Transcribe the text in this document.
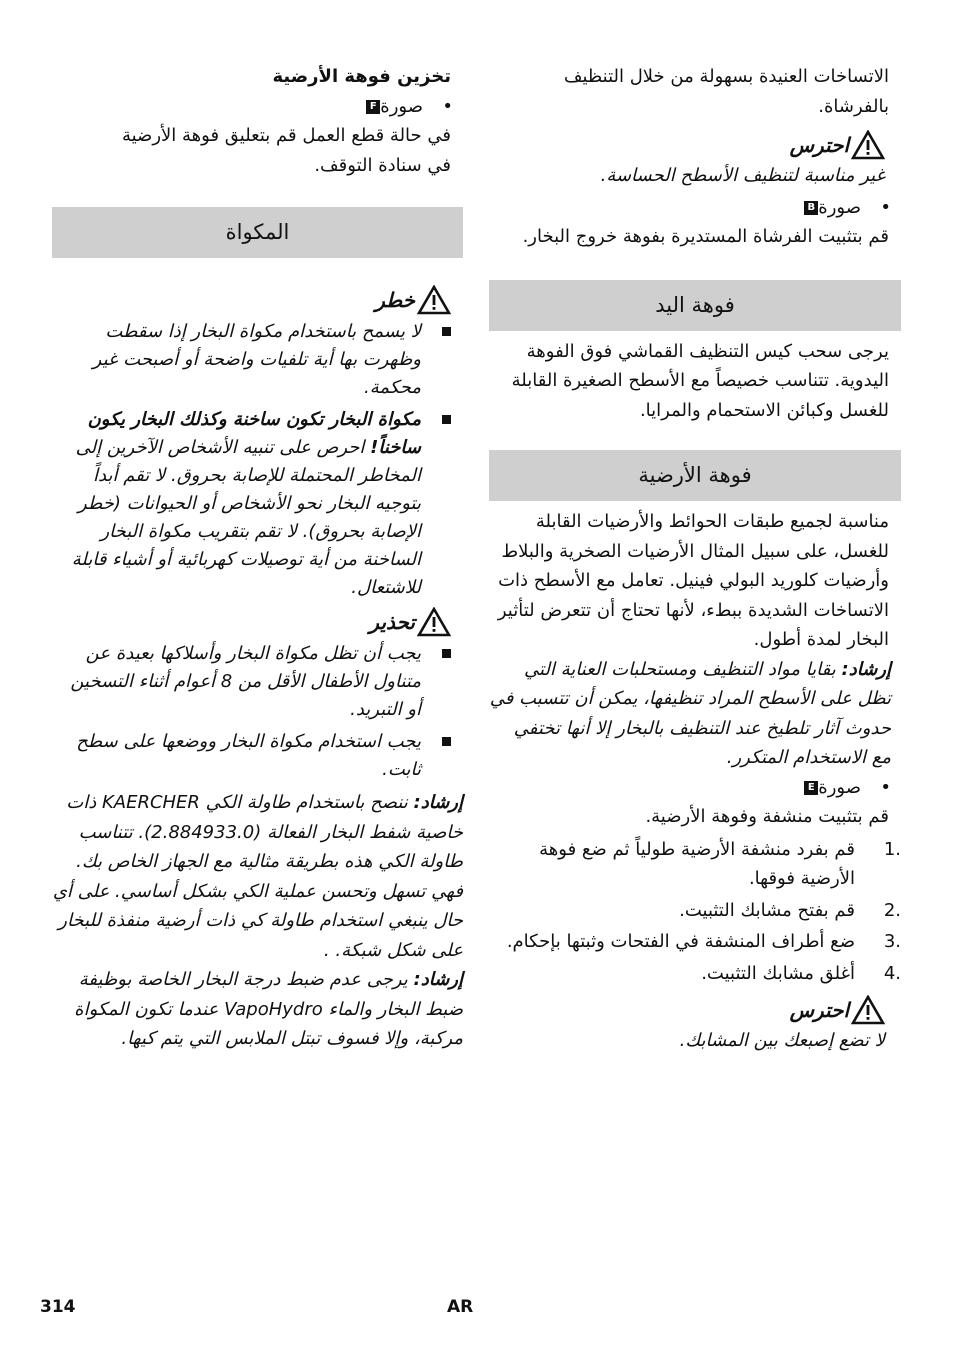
الاتساخات العنيدة بسهولة من خلال التنظيف بالفرشاة.

احترس

غير مناسبة لتنظيف الأسطح الحساسة.

•
صورةB

قم بتثبيت الفرشاة المستديرة بفوهة خروج البخار.

فوهة اليد

يرجى سحب كيس التنظيف القماشي فوق الفوهة اليدوية. تتناسب خصيصاً مع الأسطح الصغيرة القابلة للغسل وكبائن الاستحمام والمرايا.

فوهة الأرضية

مناسبة لجميع طبقات الحوائط والأرضيات القابلة للغسل، على سبيل المثال الأرضيات الصخرية والبلاط وأرضيات كلوريد البولي فينيل. تعامل مع الأسطح ذات الاتساخات الشديدة ببطء، لأنها تحتاج أن تتعرض لتأثير البخار لمدة أطول.

إرشاد: بقايا مواد التنظيف ومستحلبات العناية التي تظل على الأسطح المراد تنظيفها، يمكن أن تتسبب في حدوث آثار تلطيخ عند التنظيف بالبخار إلا أنها تختفي مع الاستخدام المتكرر.

•
صورةE

قم بتثبيت منشفة وفوهة الأرضية.

1.
قم بفرد منشفة الأرضية طولياً ثم ضع فوهة الأرضية فوقها.
2.
قم بفتح مشابك التثبيت.
3.
ضع أطراف المنشفة في الفتحات وثبتها بإحكام.
4.
أغلق مشابك التثبيت.
احترس

لا تضع إصبعك بين المشابك.

تخزين فوهة الأرضية

•
صورةF

في حالة قطع العمل قم بتعليق فوهة الأرضية في سنادة التوقف.

المكواة
خطر
لا يسمح باستخدام مكواة البخار إذا سقطت وظهرت بها أية تلفيات واضحة أو أصبحت غير محكمة.
مكواة البخار تكون ساخنة وكذلك البخار يكون ساخناً! احرص على تنبيه الأشخاص الآخرين إلى المخاطر المحتملة للإصابة بحروق. لا تقم أبداً بتوجيه البخار نحو الأشخاص أو الحيوانات (خطر الإصابة بحروق). لا تقم بتقريب مكواة البخار الساخنة من أية توصيلات كهربائية أو أشياء قابلة للاشتعال.
تحذير
يجب أن تظل مكواة البخار وأسلاكها بعيدة عن متناول الأطفال الأقل من 8 أعوام أثناء التسخين أو التبريد.
يجب استخدام مكواة البخار ووضعها على سطح ثابت.

إرشاد: ننصح باستخدام طاولة الكي KAERCHER ذات خاصية شفط البخار الفعالة (2.884933.0). تتناسب طاولة الكي هذه بطريقة مثالية مع الجهاز الخاص بك. فهي تسهل وتحسن عملية الكي بشكل أساسي. على أي حال ينبغي استخدام طاولة كي ذات أرضية منفذة للبخار على شكل شبكة. .

إرشاد: يرجى عدم ضبط درجة البخار الخاصة بوظيفة ضبط البخار والماء VapoHydro عندما تكون المكواة مركبة، وإلا فسوف تبتل الملابس التي يتم كيها.

314	AR
